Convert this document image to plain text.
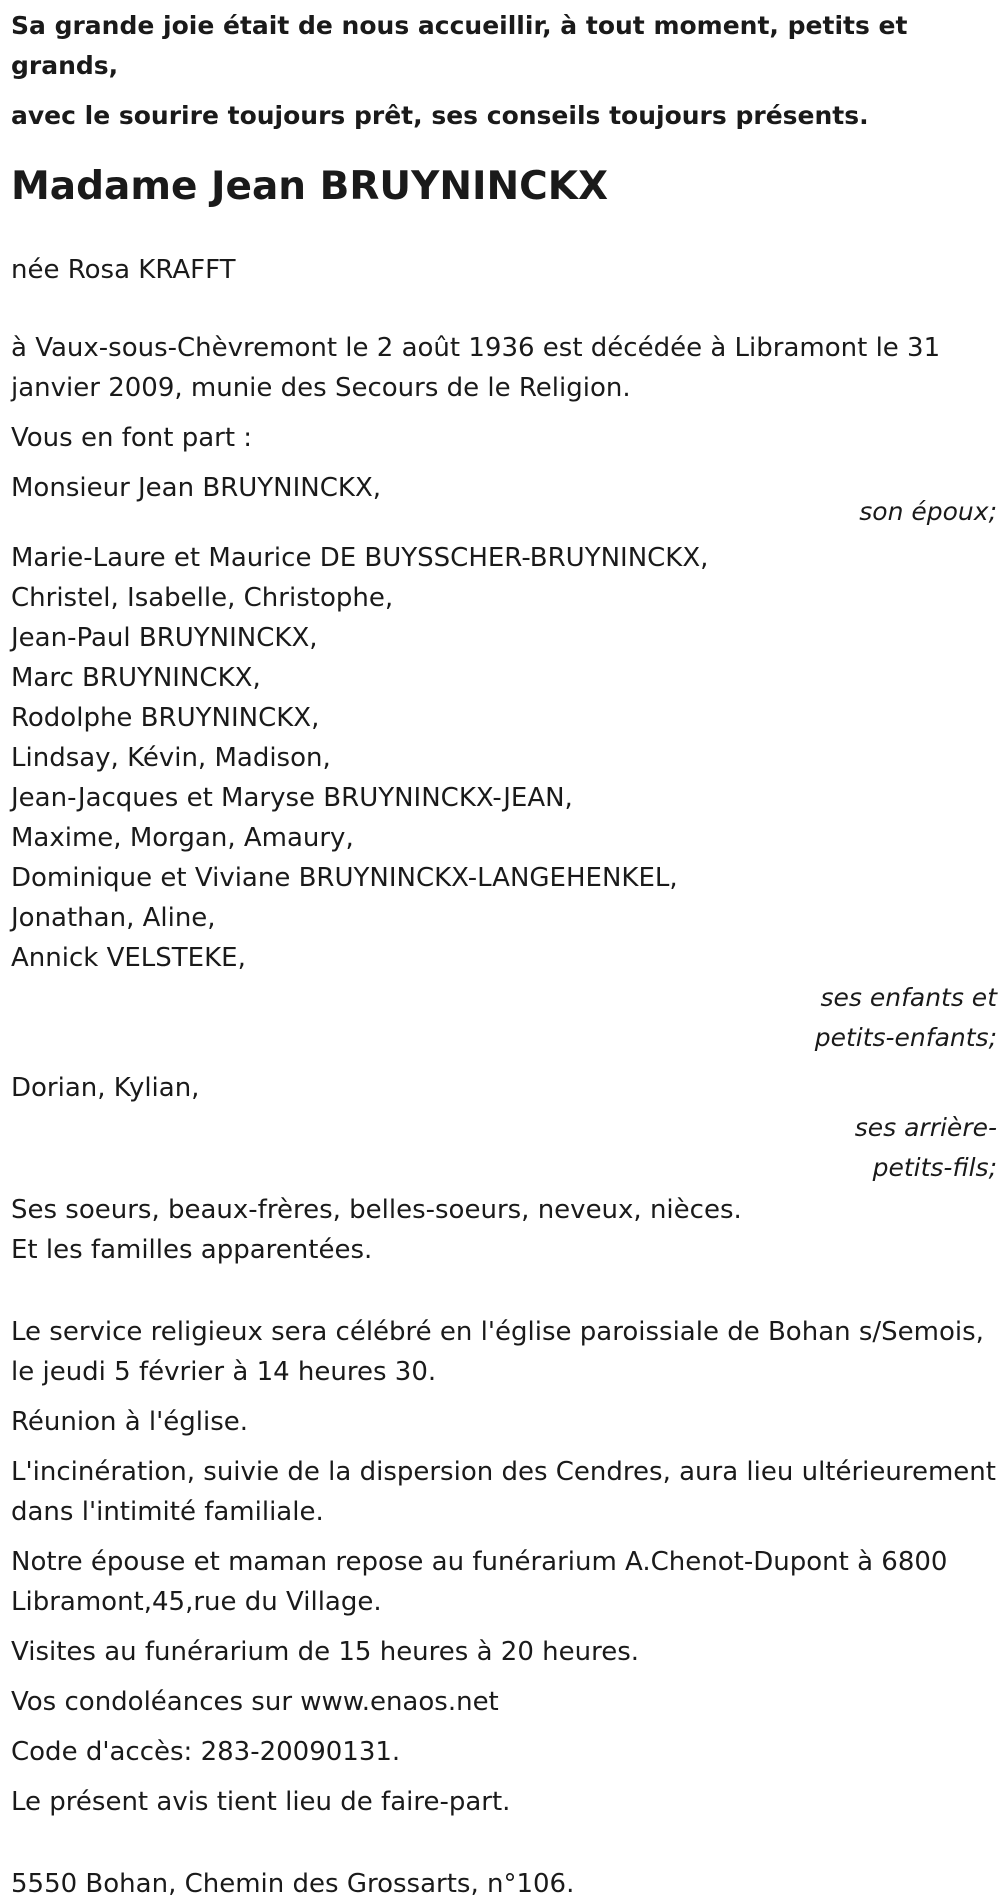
Sa grande joie était de nous accueillir, à tout moment, petits et grands,

avec le sourire toujours prêt, ses conseils toujours présents.

Madame Jean BRUYNINCKX

née Rosa KRAFFT

à Vaux-sous-Chèvremont le 2 août 1936 est décédée à Libramont le 31 janvier 2009, munie des Secours de le Religion.

Vous en font part :

Monsieur Jean BRUYNINCKX,

son époux;

Marie-Laure et Maurice DE BUYSSCHER-BRUYNINCKX,

Christel, Isabelle, Christophe,

Jean-Paul BRUYNINCKX,

Marc BRUYNINCKX,

Rodolphe BRUYNINCKX,

Lindsay, Kévin, Madison,

Jean-Jacques et Maryse BRUYNINCKX-JEAN,

Maxime, Morgan, Amaury,

Dominique et Viviane BRUYNINCKX-LANGEHENKEL,

Jonathan, Aline,

Annick VELSTEKE,

ses enfants et

petits-enfants;

Dorian, Kylian,

ses arrière-

petits-fils;

Ses soeurs, beaux-frères, belles-soeurs, neveux, nièces.

Et les familles apparentées.

Le service religieux sera célébré en l'église paroissiale de Bohan s/Semois, le jeudi 5 février à 14 heures 30.

Réunion à l'église.

L'incinération, suivie de la dispersion des Cendres, aura lieu ultérieurement dans l'intimité familiale.

Notre épouse et maman repose au funérarium A.Chenot-Dupont à 6800 Libramont,45,rue du Village.

Visites au funérarium de 15 heures à 20 heures.

Vos condoléances sur www.enaos.net

Code d'accès: 283-20090131.

Le présent avis tient lieu de faire-part.

5550 Bohan, Chemin des Grossarts, n°106.
